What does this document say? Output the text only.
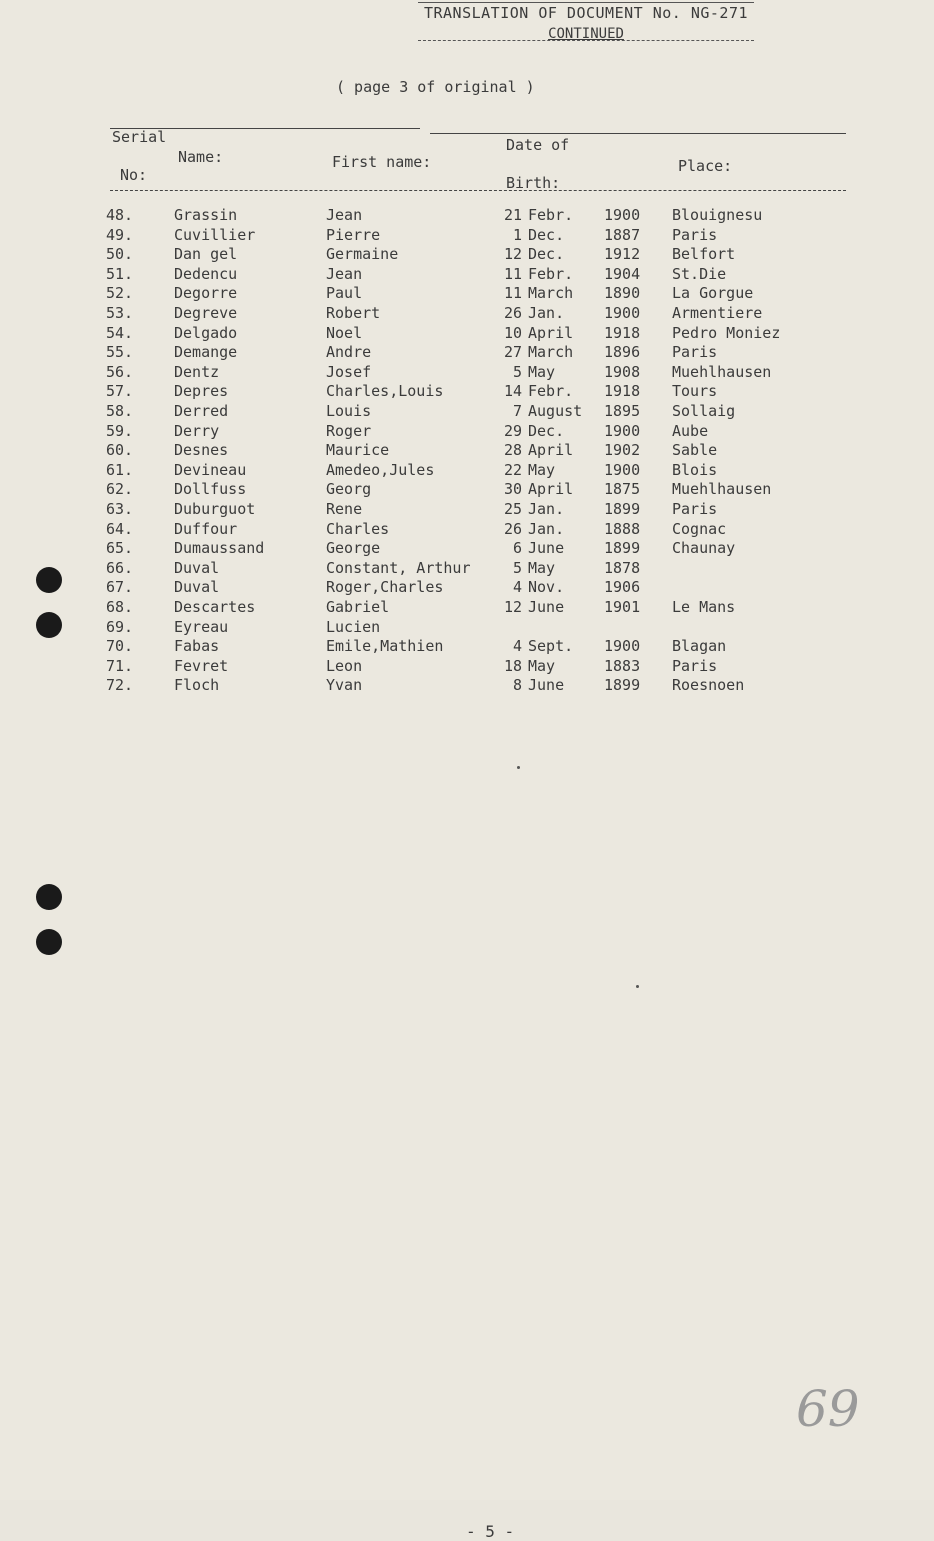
TRANSLATION OF DOCUMENT No. NG-271
CONTINUED
( page 3 of original )
Serial
No:
Name:	First name:
Date of
Birth:
Place:
48.	Grassin	Jean	21 Febr. 1900 Blouignesu
49.	Cuvillier	Pierre	1 Dec.	1887 Paris
50.	Dan gel	Germaine	12 Dec.	1912 Belfort
51.	Dedencu	Jean	11 Febr. 1904 St.Die
52.	Degorre	Paul	11 March 1890 La Gorgue
53.	Degreve	Robert	26 Jan.	1900 Armentiere
54.	Delgado	Noel	10 April 1918 Pedro Moniez
55.	Demange	Andre	27 March 1896 Paris
56.	Dentz	Josef	5 May	1908 Muehlhausen
57.	Depres	Charles,Louis	14 Febr. 1918 Tours
58.	Derred	Louis	7 August 1895 Sollaig
59.	Derry	Roger	29 Dec.	1900 Aube
60.	Desnes	Maurice	28 April 1902 Sable
61.	Devineau	Amedeo,Jules	22 May	1900 Blois
62.	Dollfuss	Georg	30 April 1875 Muehlhausen
63.	Duburguot	Rene	25 Jan.	1899 Paris
64.	Duffour	Charles	26 Jan.	1888 Cognac
65.	Dumaussand	George	6 June	1899 Chaunay
66.	Duval	Constant, Arthur	5 May	1878
67.	Duval	Roger,Charles	4 Nov.	1906
68.	Descartes	Gabriel	12 June	1901 Le Mans
69.	Eyreau	Lucien
70.	Fabas	Emile,Mathien	4 Sept. 1900 Blagan
71.	Fevret	Leon	18 May	1883 Paris
72.	Floch	Yvan	8 June	1899 Roesnoen
- 5 -
69
